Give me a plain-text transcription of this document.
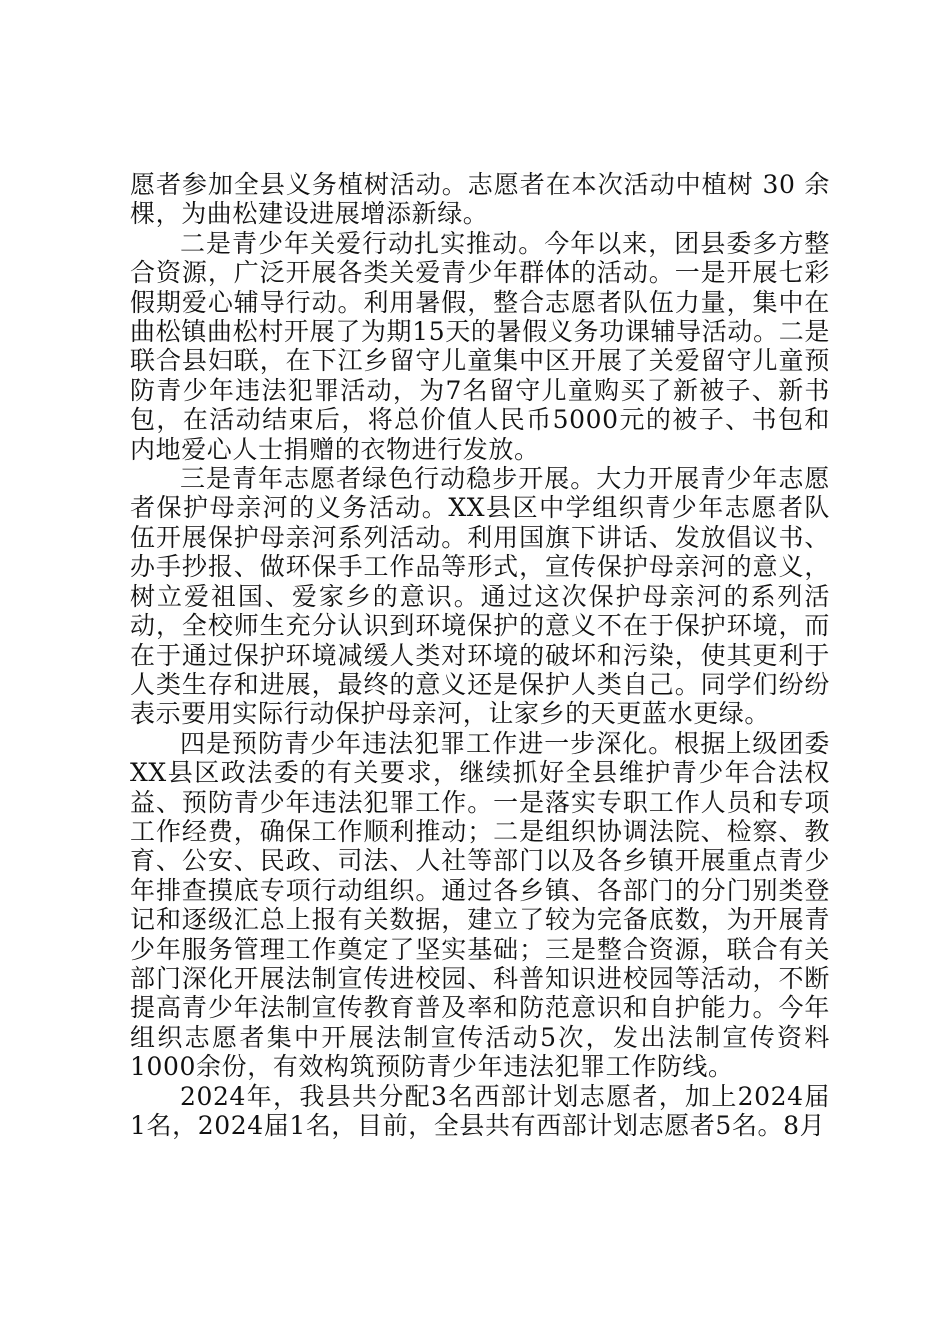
愿者参加全县义务植树活动。志愿者在本次活动中植树 30 余棵，为曲松建设进展增添新绿。

二是青少年关爱行动扎实推动。今年以来，团县委多方整合资源，广泛开展各类关爱青少年群体的活动。一是开展七彩假期爱心辅导行动。利用暑假，整合志愿者队伍力量，集中在曲松镇曲松村开展了为期15天的暑假义务功课辅导活动。二是联合县妇联，在下江乡留守儿童集中区开展了关爱留守儿童预防青少年违法犯罪活动，为7名留守儿童购买了新被子、新书包，在活动结束后，将总价值人民币5000元的被子、书包和内地爱心人士捐赠的衣物进行发放。

三是青年志愿者绿色行动稳步开展。大力开展青少年志愿者保护母亲河的义务活动。XX县区中学组织青少年志愿者队伍开展保护母亲河系列活动。利用国旗下讲话、发放倡议书、办手抄报、做环保手工作品等形式，宣传保护母亲河的意义，树立爱祖国、爱家乡的意识。通过这次保护母亲河的系列活动，全校师生充分认识到环境保护的意义不在于保护环境，而在于通过保护环境减缓人类对环境的破坏和污染，使其更利于人类生存和进展，最终的意义还是保护人类自己。同学们纷纷表示要用实际行动保护母亲河，让家乡的天更蓝水更绿。

四是预防青少年违法犯罪工作进一步深化。根据上级团委XX县区政法委的有关要求，继续抓好全县维护青少年合法权益、预防青少年违法犯罪工作。一是落实专职工作人员和专项工作经费，确保工作顺利推动；二是组织协调法院、检察、教育、公安、民政、司法、人社等部门以及各乡镇开展重点青少年排查摸底专项行动组织。通过各乡镇、各部门的分门别类登记和逐级汇总上报有关数据，建立了较为完备底数，为开展青少年服务管理工作奠定了坚实基础；三是整合资源，联合有关部门深化开展法制宣传进校园、科普知识进校园等活动，不断提高青少年法制宣传教育普及率和防范意识和自护能力。今年组织志愿者集中开展法制宣传活动5次，发出法制宣传资料1000余份，有效构筑预防青少年违法犯罪工作防线。

2024年，我县共分配3名西部计划志愿者，加上2024届1名，2024届1名，目前，全县共有西部计划志愿者5名。8月
